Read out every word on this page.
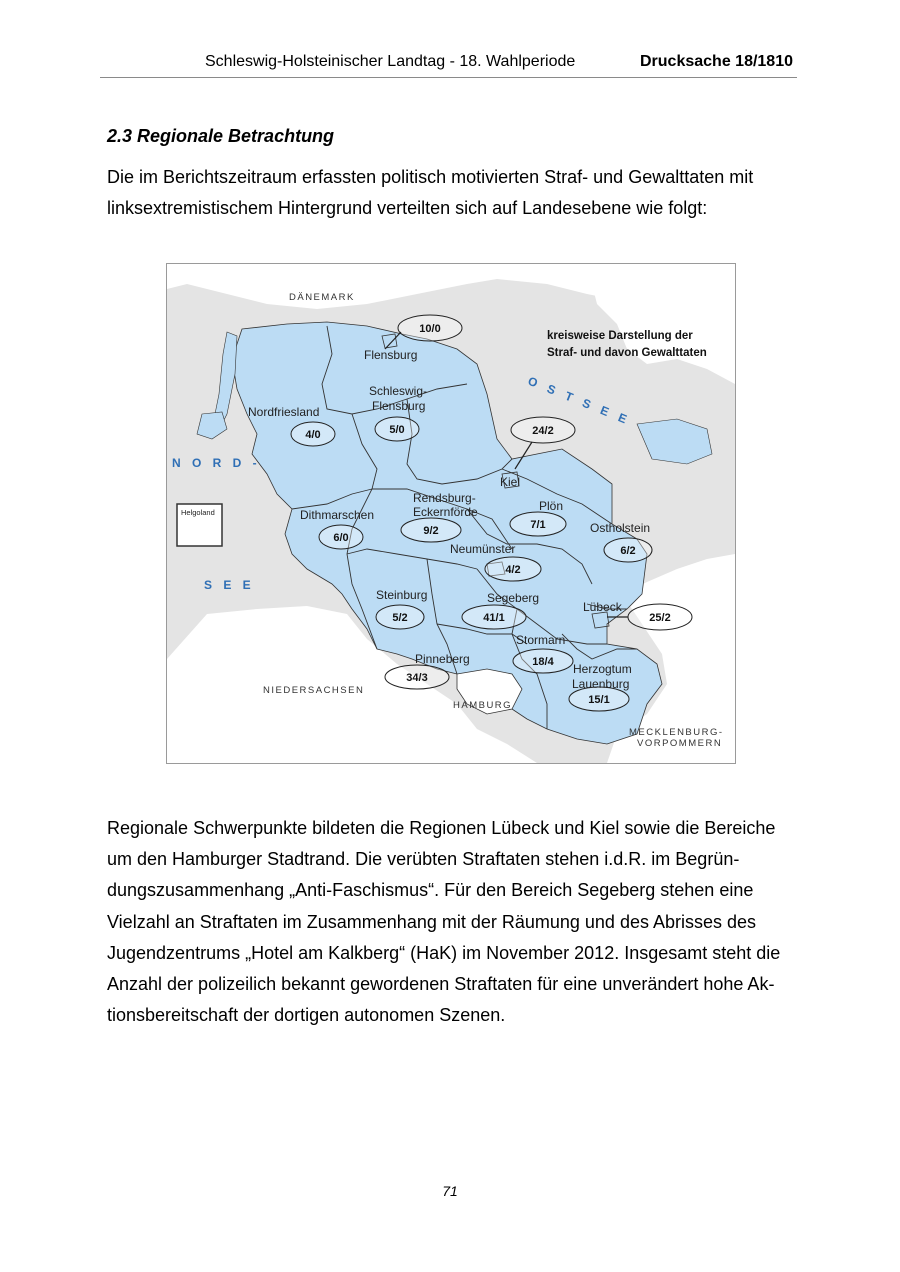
Schleswig-Holsteinischer Landtag - 18. Wahlperiode	Drucksache 18/1810
2.3 Regionale Betrachtung
Die im Berichtszeitraum erfassten politisch motivierten Straf- und Gewalttaten mit linksextremistischem Hintergrund verteilten sich auf Landesebene wie folgt:
Helgoland
DÄNEMARK
NIEDERSACHSEN
HAMBURG
MECKLENBURG-
VORPOMMERN
O S T S E E
N O R D -
S E E
kreisweise Darstellung der
Straf- und davon Gewalttaten
Flensburg
Schleswig-
Flensburg
Nordfriesland
Kiel
Dithmarschen
Rendsburg-
Eckernförde	Plön
Ostholstein
Neumünster
Steinburg	Segeberg
Lübeck
Stormarn
Pinneberg
Herzogtum
Lauenburg
10/0
5/0
4/0	24/2
6/0
9/2	7/1
6/2
4/2
5/2	41/1	25/2
18/4
34/3
15/1
Regionale Schwerpunkte bildeten die Regionen Lübeck und Kiel sowie die Bereiche um den Hamburger Stadtrand. Die verübten Straftaten stehen i.d.R. im Begrün-dungszusammenhang „Anti-Faschismus“. Für den Bereich Segeberg stehen eine Vielzahl an Straftaten im Zusammenhang mit der Räumung und des Abrisses des Jugendzentrums „Hotel am Kalkberg“ (HaK) im November 2012. Insgesamt steht die Anzahl der polizeilich bekannt gewordenen Straftaten für eine unverändert hohe Ak-tionsbereitschaft der dortigen autonomen Szenen.
71
